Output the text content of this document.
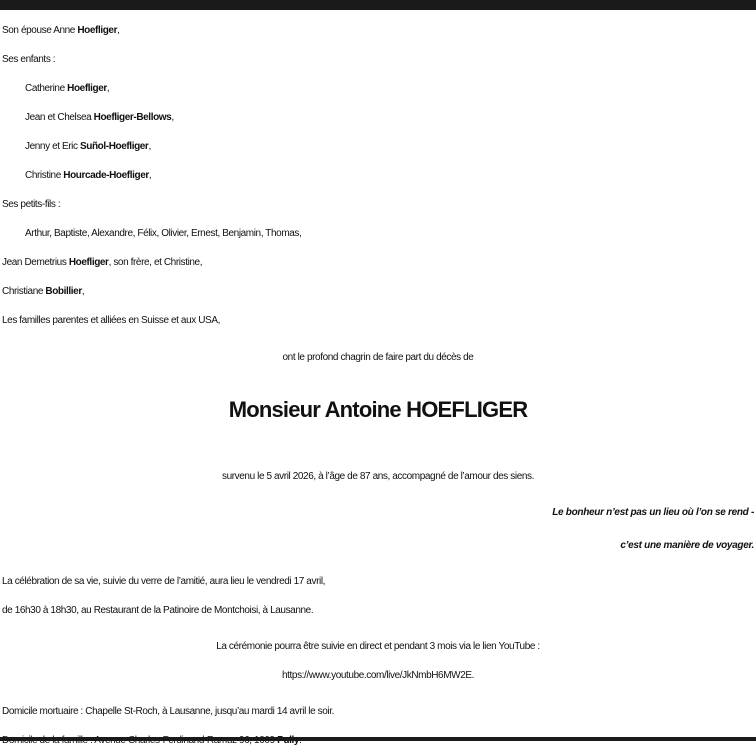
Son épouse Anne Hoefliger,

Ses enfants :

Catherine Hoefliger,

Jean et Chelsea Hoefliger-Bellows,

Jenny et Eric Suñol-Hoefliger,

Christine Hourcade-Hoefliger,

Ses petits-fils :

Arthur, Baptiste, Alexandre, Félix, Olivier, Ernest, Benjamin, Thomas,

Jean Demetrius Hoefliger, son frère, et Christine,

Christiane Bobillier,

Les familles parentes et alliées en Suisse et aux USA,

ont le profond chagrin de faire part du décès de

Monsieur Antoine HOEFLIGER

survenu le 5 avril 2026, à l’âge de 87 ans, accompagné de l’amour des siens.

Le bonheur n’est pas un lieu où l’on se rend -

c’est une manière de voyager.

La célébration de sa vie, suivie du verre de l’amitié, aura lieu le vendredi 17 avril,

de 16h30 à 18h30, au Restaurant de la Patinoire de Montchoisi, à Lausanne.

La cérémonie pourra être suivie en direct et pendant 3 mois via le lien YouTube :

https://www.youtube.com/live/JkNmbH6MW2E.

Domicile mortuaire : Chapelle St-Roch, à Lausanne, jusqu’au mardi 14 avril le soir.
